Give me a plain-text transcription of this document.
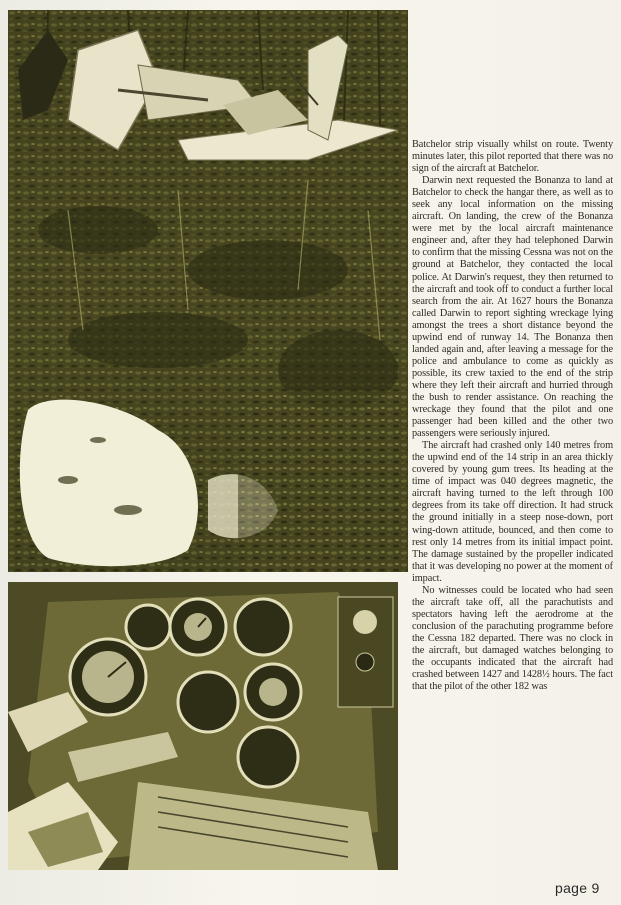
Batchelor strip visually whilst on route. Twenty minutes later, this pilot reported that there was no sign of the aircraft at Batchelor.

Darwin next requested the Bonanza to land at Batchelor to check the hangar there, as well as to seek any local information on the missing aircraft. On landing, the crew of the Bonanza were met by the local aircraft maintenance engineer and, after they had telephoned Darwin to confirm that the missing Cessna was not on the ground at Batchelor, they contacted the local police. At Darwin's request, they then returned to the aircraft and took off to conduct a further local search from the air. At 1627 hours the Bonanza called Darwin to report sighting wreckage lying amongst the trees a short distance beyond the upwind end of runway 14. The Bonanza then landed again and, after leaving a message for the police and ambulance to come as quickly as possible, its crew taxied to the end of the strip where they left their aircraft and hurried through the bush to render assistance. On reaching the wreckage they found that the pilot and one passenger had been killed and the other two passengers were seriously injured.

The aircraft had crashed only 140 metres from the upwind end of the 14 strip in an area thickly covered by young gum trees. Its heading at the time of impact was 040 degrees magnetic, the aircraft having turned to the left through 100 degrees from its take off direction. It had struck the ground initially in a steep nose-down, port wing-down attitude, bounced, and then come to rest only 14 metres from its initial impact point. The damage sustained by the propeller indicated that it was developing no power at the moment of impact.

No witnesses could be located who had seen the aircraft take off, all the parachutists and spectators having left the aerodrome at the conclusion of the parachuting programme before the Cessna 182 departed. There was no clock in the aircraft, but damaged watches belonging to the occupants indicated that the aircraft had crashed between 1427 and 1428½ hours. The fact that the pilot of the other 182 was

page 9
